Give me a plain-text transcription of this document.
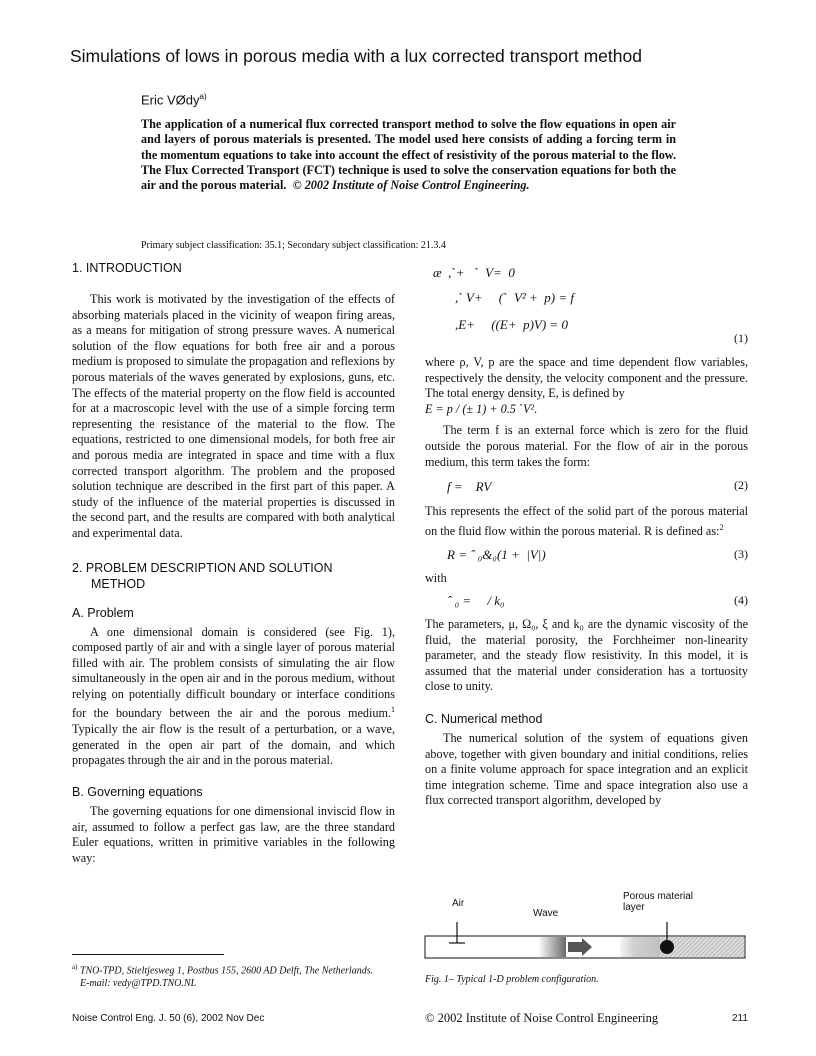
Simulations of lows in porous media with a lux corrected transport method
Eric VØdy$^{a)}$
The application of a numerical flux corrected transport method to solve the flow equations in open air and layers of porous materials is presented. The model used here consists of adding a forcing term in the momentum equations to take into account the effect of resistivity of the porous material to the flow. The Flux Corrected Transport (FCT) technique is used to solve the conservation equations for both the air and the porous material. © 2002 Institute of Noise Control Engineering.
Primary subject classification: 35.1; Secondary subject classification: 21.3.4
1. INTRODUCTION

This work is motivated by the investigation of the effects of absorbing materials placed in the vicinity of weapon firing areas, as a means for mitigation of strong pressure waves. A numerical solution of the flow equations for both free air and a porous medium is proposed to simulate the propagation and reflexions by porous materials of the waves generated by explosions, guns, etc. The effects of the material property on the flow field is accounted for at a macroscopic level with the use of a simple forcing term representing the resistance of the material to the flow. The equations, restricted to one dimensional models, for both free air and porous media are integrated in space and time with a flux corrected transport algorithm. The problem and the proposed solution technique are described in the first part of this paper. A study of the influence of the material properties is discussed in the second part, and the results are compared with both analytical and experimental data.

2. PROBLEM DESCRIPTION AND SOLUTION
METHOD
A. Problem

A one dimensional domain is considered (see Fig. 1), composed partly of air and with a single layer of porous material filled with air. The problem consists of simulating the air flow simultaneously in the open air and in the porous medium, without relying on potentially difficult boundary or interface conditions for the boundary between the air and the porous medium.$^1$ Typically the air flow is the result of a perturbation, or a wave, generated in the open air part of the domain, and which propagates through the air and in the porous material.

B. Governing equations

The governing equations for one dimensional inviscid flow in air, assumed to follow a perfect gas law, are the three standard Euler equations, written in primitive variables in the following way:

$^{a)}$ TNO-TPD, Stieltjesweg 1, Postbus 155, 2600 AD Delft, The Netherlands.
E-mail: vedy@TPD.TNO.NL
æ  ,ˋ+   ˋ  V=  0
,ˋ V+     (ˋ  V² +  p) = f
,E+     ((E+  p)V) = 0
(1)

where ρ, V, p are the space and time dependent flow variables, respectively the density, the velocity component and the pressure. The total energy density, E, is defined by
E = p / (± 1) + 0.5 ˋV².

The term f is an external force which is zero for the fluid outside the porous material. For the flow of air in the porous medium, this term takes the form:

f =    RV	(2)

This represents the effect of the solid part of the porous material on the fluid flow within the porous material. R is defined as:$^2$

R = ˆ ₀&₀(1 +  |V|)	(3)

with

ˆ ₀ =     / k₀	(4)

The parameters, μ, Ω₀, ξ and k₀ are the dynamic viscosity of the fluid, the material porosity, the Forchheimer non-linearity parameter, and the steady flow resistivity. In this model, it is assumed that the material under consideration has a tortuosity close to unity.

C. Numerical method

The numerical solution of the system of equations given above, together with given boundary and initial conditions, relies on a finite volume approach for space integration and an explicit time integration scheme. Time and space integration also use a flux corrected transport algorithm, developed by

Air
Wave
Porous material
layer
Fig. 1– Typical 1-D problem configuration.
Noise Control Eng. J. 50 (6), 2002 Nov Dec	© 2002 Institute of Noise Control Engineering	211
